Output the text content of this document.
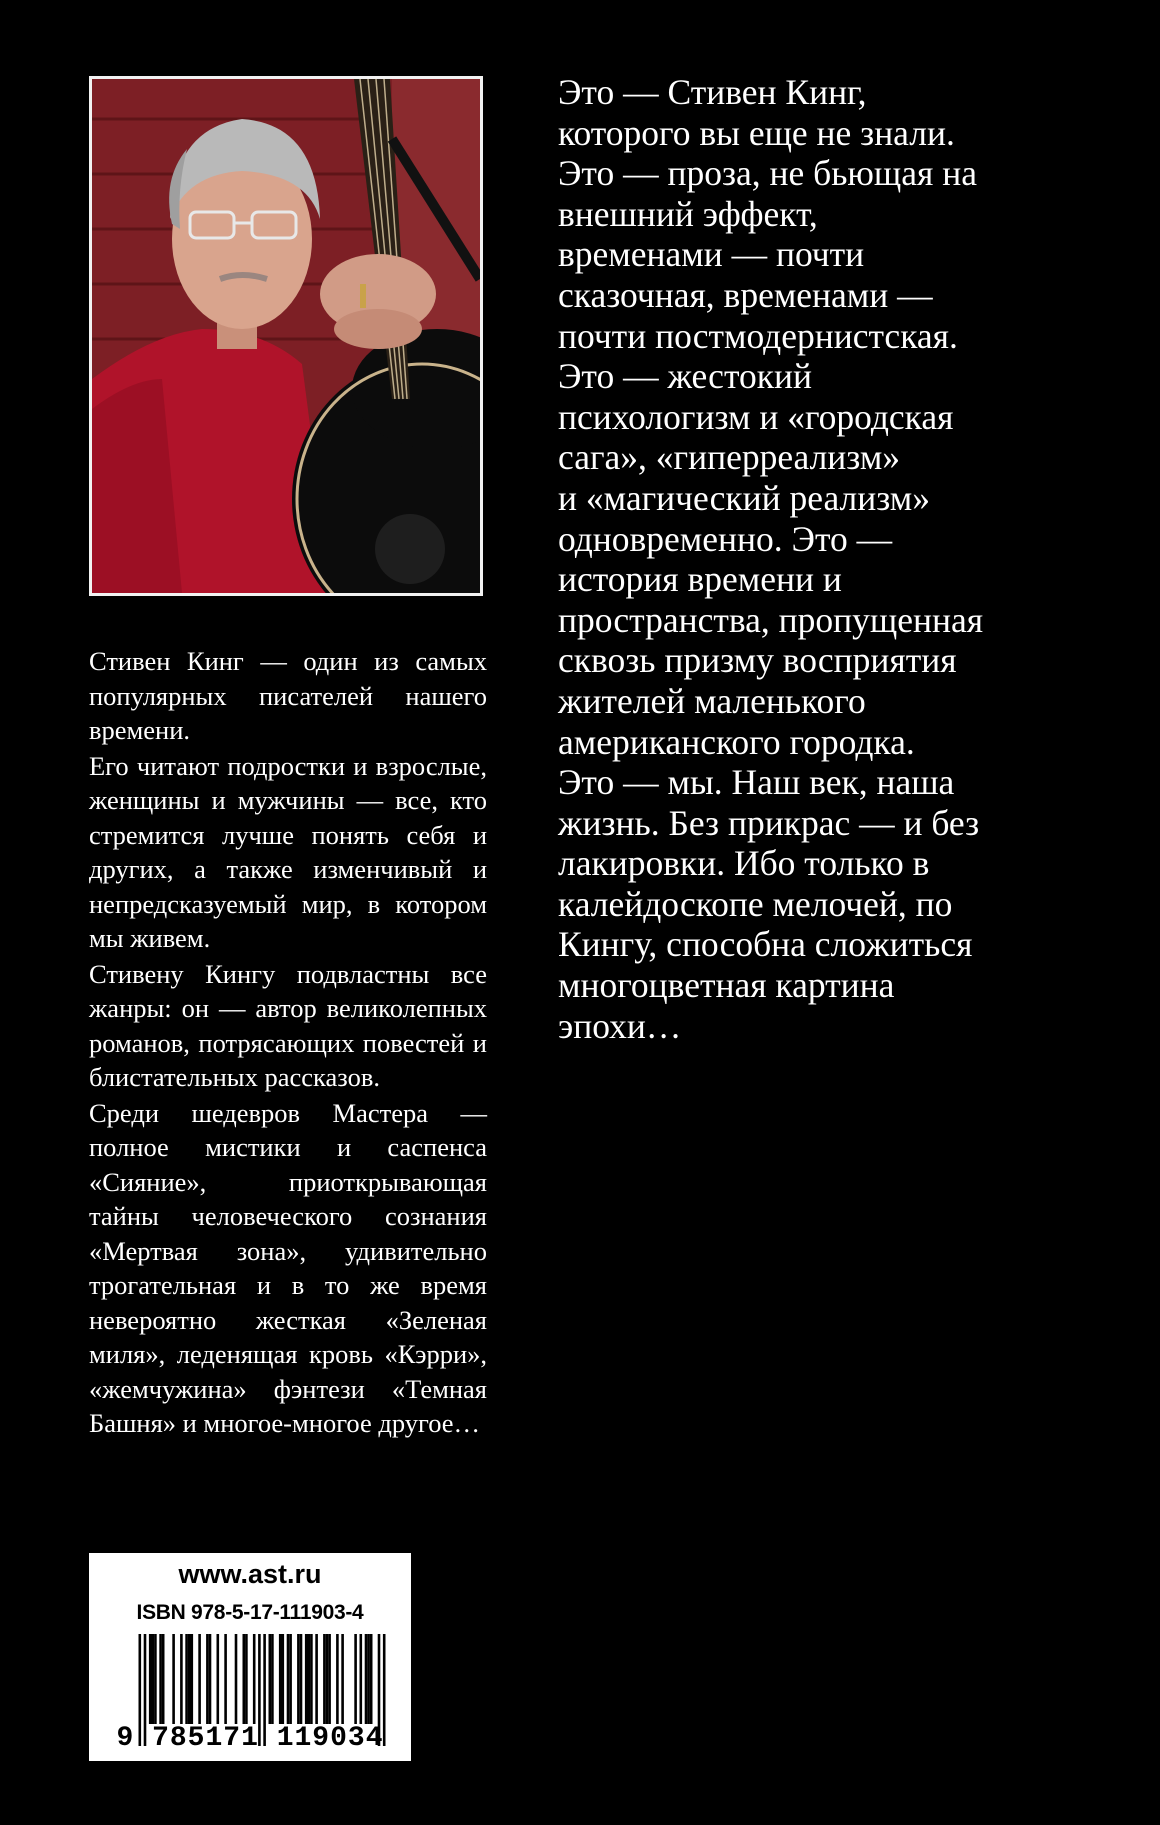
Стивен Кинг — один из самых популярных писателей нашего времени.

Его читают подростки и взрослые, женщины и мужчины — все, кто стремится лучше понять себя и других, а также изменчивый и непредсказуемый мир, в котором мы живем.

Стивену Кингу подвластны все жанры: он — автор великолепных романов, потрясающих повестей и блистательных рассказов.

Среди шедевров Мастера — полное мистики и саспенса «Сияние», приоткрывающая тайны человеческого сознания «Мертвая зона», удивительно трогательная и в то же время невероятно жесткая «Зеленая миля», леденящая кровь «Кэрри», «жемчужина» фэнтези «Темная Башня» и многое-многое другое…

Это — Стивен Кинг,
которого вы еще не знали.
Это — проза, не бьющая на
внешний эффект,
временами — почти
сказочная, временами —
почти постмодернистская.
Это — жестокий
психологизм и «городская
сага», «гиперреализм»
и «магический реализм»
одновременно. Это —
история времени и
пространства, пропущенная
сквозь призму восприятия
жителей маленького
американского городка.
Это — мы. Наш век, наша
жизнь. Без прикрас — и без
лакировки. Ибо только в
калейдоскопе мелочей, по
Кингу, способна сложиться
многоцветная картина
эпохи…
www.ast.ru
ISBN 978-5-17-111903-4
9 785171 119034
